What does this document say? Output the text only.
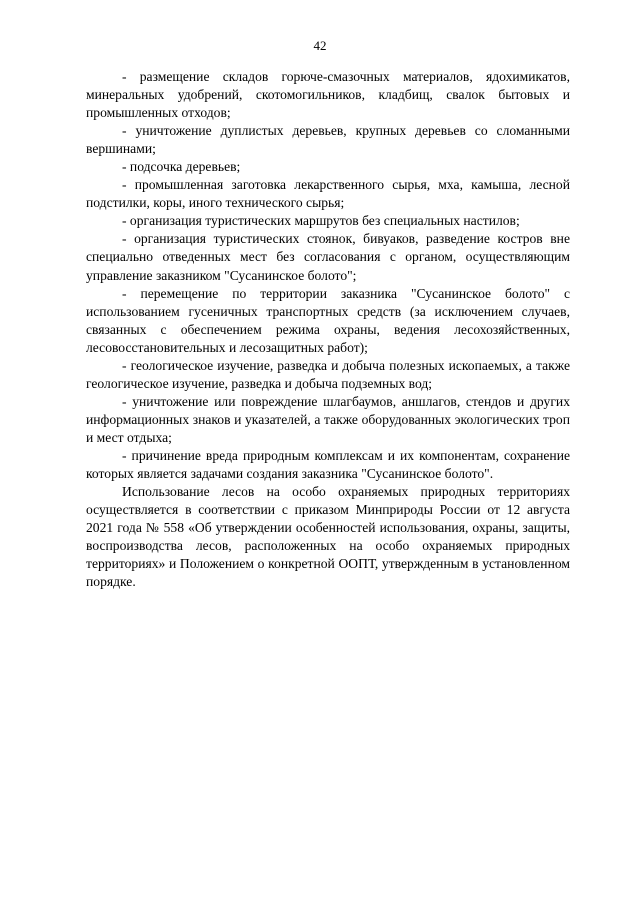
42

- размещение складов горюче-смазочных материалов, ядохимикатов, минеральных удобрений, скотомогильников, кладбищ, свалок бытовых и промышленных отходов;

- уничтожение дуплистых деревьев, крупных деревьев со сломанными вершинами;

- подсочка деревьев;

- промышленная заготовка лекарственного сырья, мха, камыша, лесной подстилки, коры, иного технического сырья;

- организация туристических маршрутов без специальных настилов;

- организация туристических стоянок, бивуаков, разведение костров вне специально отведенных мест без согласования с органом, осуществляющим управление заказником "Сусанинское болото";

- перемещение по территории заказника "Сусанинское болото" с использованием гусеничных транспортных средств (за исключением случаев, связанных с обеспечением режима охраны, ведения лесохозяйственных, лесовосстановительных и лесозащитных работ);

- геологическое изучение, разведка и добыча полезных ископаемых, а также геологическое изучение, разведка и добыча подземных вод;

- уничтожение или повреждение шлагбаумов, аншлагов, стендов и других информационных знаков и указателей, а также оборудованных экологических троп и мест отдыха;

- причинение вреда природным комплексам и их компонентам, сохранение которых является задачами создания заказника "Сусанинское болото".

Использование лесов на особо охраняемых природных территориях осуществляется в соответствии с приказом Минприроды России от 12 августа 2021 года № 558 «Об утверждении особенностей использования, охраны, защиты, воспроизводства лесов, расположенных на особо охраняемых природных территориях» и Положением о конкретной ООПТ, утвержденным в установленном порядке.
